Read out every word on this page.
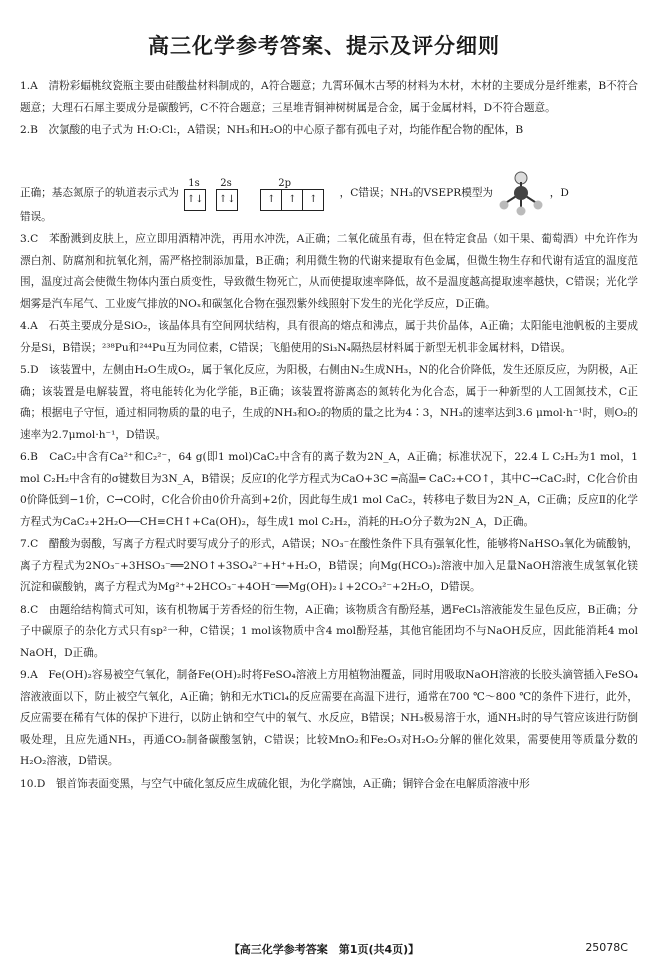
高三化学参考答案、提示及评分细则

1.A　 清粉彩蝠桃纹瓷瓶主要由硅酸盐材料制成的，A符合题意；九霄环佩木古琴的材料为木材，木材的主要成分是纤维素，B不符合题意；大理石石犀主要成分是碳酸钙，C不符合题意；三星堆青铜神树树属是合金，属于金属材料，D不符合题意。

2.B　 次氯酸的电子式为 H:O:Cl:，A错误；NH₃和H₂O的中心原子都有孤电子对，均能作配合物的配体，B
正确；基态氮原子的轨道表示式为
1s 2s	2p
↑↓ ↑↓	↑	↑	↑
，C错误；NH₃的VSEPR模型为	，D
错误。

3.C　 苯酚溅到皮肤上，应立即用酒精冲洗，再用水冲洗，A正确；二氧化硫虽有毒，但在特定食品（如干果、葡萄酒）中允许作为漂白剂、防腐剂和抗氧化剂，需严格控制添加量，B正确；利用微生物的代谢来提取有色金属，但微生物生存和代谢有适宜的温度范围，温度过高会使微生物体内蛋白质变性，导致微生物死亡，从而使提取速率降低，故不是温度越高提取速率越快，C错误；光化学烟雾是汽车尾气、工业废气排放的NOₓ和碳氢化合物在强烈紫外线照射下发生的光化学反应，D正确。

4.A　 石英主要成分是SiO₂，该晶体具有空间网状结构，具有很高的熔点和沸点，属于共价晶体，A正确；太阳能电池帆板的主要成分是Si，B错误；²³⁸Pu和²⁴⁴Pu互为同位素，C错误；飞船使用的Si₃N₄隔热层材料属于新型无机非金属材料，D错误。

5.D　 该装置中，左侧由H₂O生成O₂，属于氧化反应，为阳极，右侧由N₂生成NH₃，N的化合价降低，发生还原反应，为阴极，A正确；该装置是电解装置，将电能转化为化学能，B正确；该装置将游离态的氮转化为化合态，属于一种新型的人工固氮技术，C正确；根据电子守恒，通过相同物质的量的电子，生成的NH₃和O₂的物质的量之比为4∶3，NH₃的速率达到3.6 μmol·h⁻¹时，则O₂的速率为2.7μmol·h⁻¹，D错误。

6.B　 CaC₂中含有Ca²⁺和C₂²⁻，64 g(即1 mol)CaC₂中含有的离子数为2N_A，A正确；标准状况下，22.4 L C₂H₂为1 mol，1 mol C₂H₂中含有的σ键数目为3N_A，B错误；反应Ⅰ的化学方程式为CaO+3C ═高温═ CaC₂+CO↑，其中C→CaC₂时，C化合价由0价降低到−1价，C→CO时，C化合价由0价升高到+2价，因此每生成1 mol CaC₂，转移电子数目为2N_A，C正确；反应Ⅱ的化学方程式为CaC₂+2H₂O──CH≡CH↑+Ca(OH)₂，每生成1 mol C₂H₂，消耗的H₂O分子数为2N_A，D正确。

7.C　 醋酸为弱酸，写离子方程式时要写成分子的形式，A错误；NO₃⁻在酸性条件下具有强氧化性，能够将NaHSO₃氧化为硫酸钠，离子方程式为2NO₃⁻+3HSO₃⁻══2NO↑+3SO₄²⁻+H⁺+H₂O，B错误；向Mg(HCO₃)₂溶液中加入足量NaOH溶液生成氢氧化镁沉淀和碳酸钠，离子方程式为Mg²⁺+2HCO₃⁻+4OH⁻══Mg(OH)₂↓+2CO₃²⁻+2H₂O，D错误。

8.C　 由题给结构简式可知，该有机物属于芳香烃的衍生物，A正确；该物质含有酚羟基，遇FeCl₃溶液能发生显色反应，B正确；分子中碳原子的杂化方式只有sp²一种，C错误；1 mol该物质中含4 mol酚羟基，其他官能团均不与NaOH反应，因此能消耗4 mol NaOH，D正确。

9.A　 Fe(OH)₂容易被空气氧化，制备Fe(OH)₂时将FeSO₄溶液上方用植物油覆盖，同时用吸取NaOH溶液的长胶头滴管插入FeSO₄溶液液面以下，防止被空气氧化，A正确；钠和无水TiCl₄的反应需要在高温下进行，通常在700 ℃～800 ℃的条件下进行，此外，反应需要在稀有气体的保护下进行，以防止钠和空气中的氧气、水反应，B错误；NH₃极易溶于水，通NH₃时的导气管应该进行防倒吸处理，且应先通NH₃，再通CO₂制备碳酸氢钠，C错误；比较MnO₂和Fe₂O₃对H₂O₂分解的催化效果，需要使用等质量分数的H₂O₂溶液，D错误。

10.D　 银首饰表面变黑，与空气中硫化氢反应生成硫化银，为化学腐蚀，A正确；铜锌合金在电解质溶液中形

【高三化学参考答案　第1页(共4页)】	25078C
